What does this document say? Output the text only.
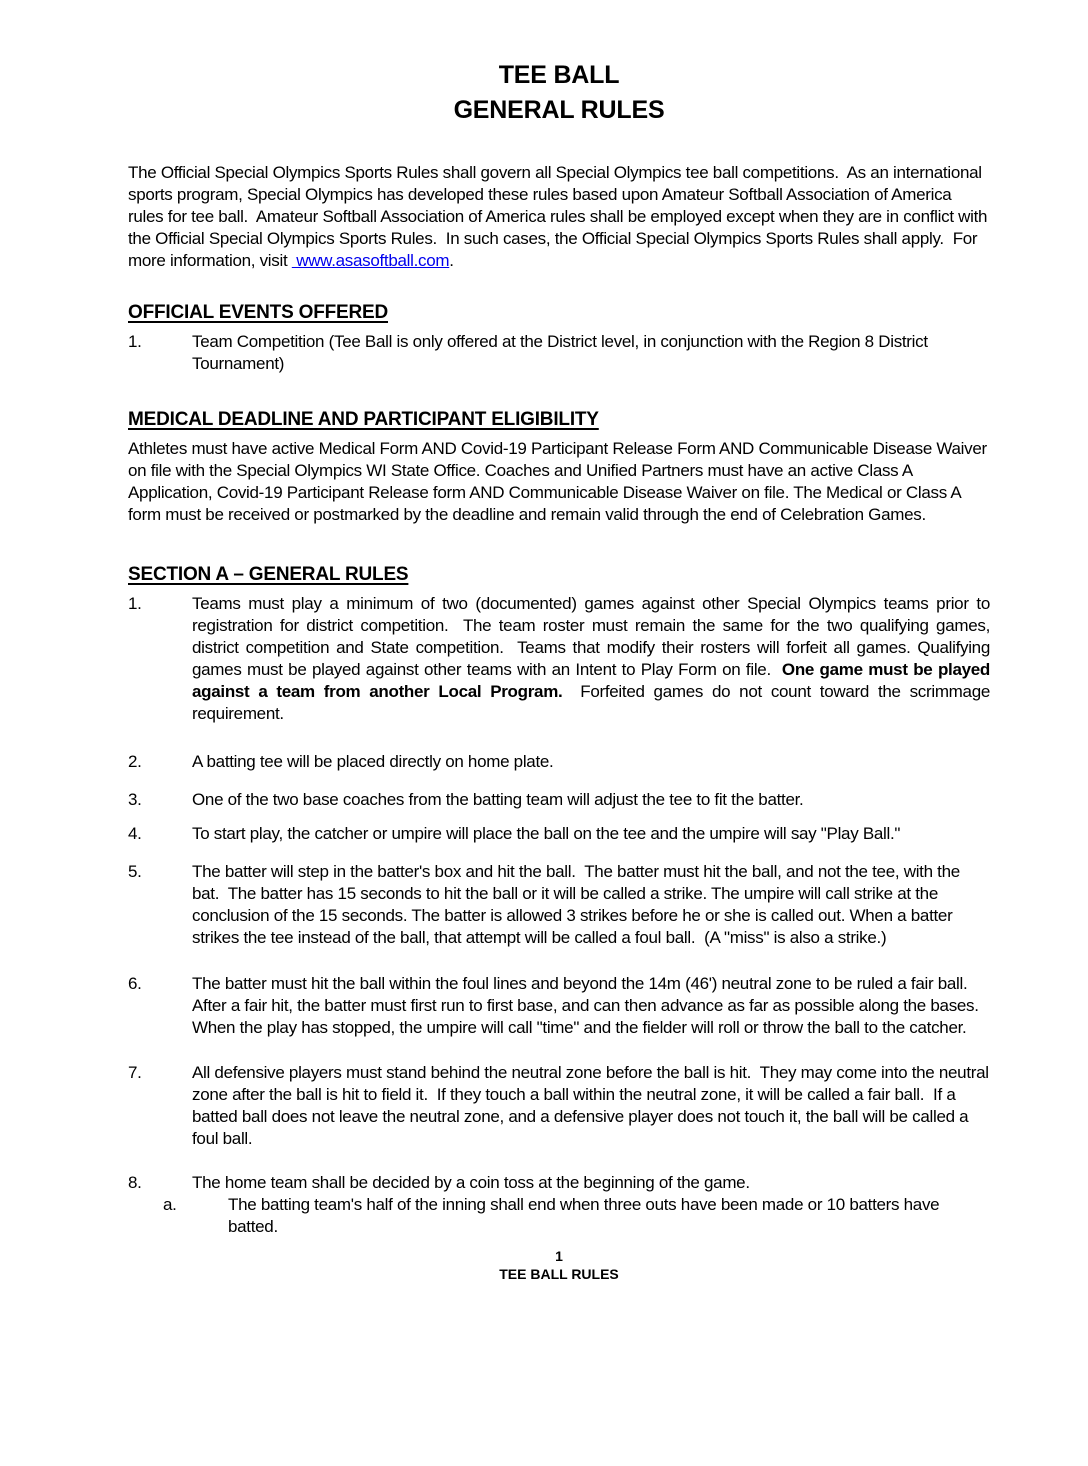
TEE BALL
GENERAL RULES

The Official Special Olympics Sports Rules shall govern all Special Olympics tee ball competitions.  As an international sports program, Special Olympics has developed these rules based upon Amateur Softball Association of America rules for tee ball.  Amateur Softball Association of America rules shall be employed except when they are in conflict with the Official Special Olympics Sports Rules.  In such cases, the Official Special Olympics Sports Rules shall apply.  For more information, visit  www.asasoftball.com.

OFFICIAL EVENTS OFFERED
1.	Team Competition (Tee Ball is only offered at the District level, in conjunction with the Region 8 District Tournament)

MEDICAL DEADLINE AND PARTICIPANT ELIGIBILITY

Athletes must have active Medical Form AND Covid-19 Participant Release Form AND Communicable Disease Waiver on file with the Special Olympics WI State Office. Coaches and Unified Partners must have an active Class A Application, Covid-19 Participant Release form AND Communicable Disease Waiver on file. The Medical or Class A form must be received or postmarked by the deadline and remain valid through the end of Celebration Games.

SECTION A – GENERAL RULES
1.	Teams must play a minimum of two (documented) games against other Special Olympics teams prior to registration for district competition.  The team roster must remain the same for the two qualifying games, district competition and State competition.  Teams that modify their rosters will forfeit all games. Qualifying games must be played against other teams with an Intent to Play Form on file.  One game must be played against a team from another Local Program.  Forfeited games do not count toward the scrimmage requirement.

2.	A batting tee will be placed directly on home plate.

3.	One of the two base coaches from the batting team will adjust the tee to fit the batter.

4.	To start play, the catcher or umpire will place the ball on the tee and the umpire will say "Play Ball."

5.	The batter will step in the batter's box and hit the ball.  The batter must hit the ball, and not the tee, with the bat.  The batter has 15 seconds to hit the ball or it will be called a strike. The umpire will call strike at the conclusion of the 15 seconds. The batter is allowed 3 strikes before he or she is called out. When a batter strikes the tee instead of the ball, that attempt will be called a foul ball.  (A "miss" is also a strike.)

6.	The batter must hit the ball within the foul lines and beyond the 14m (46') neutral zone to be ruled a fair ball.  After a fair hit, the batter must first run to first base, and can then advance as far as possible along the bases.  When the play has stopped, the umpire will call "time" and the fielder will roll or throw the ball to the catcher.

7.	All defensive players must stand behind the neutral zone before the ball is hit.  They may come into the neutral zone after the ball is hit to field it.  If they touch a ball within the neutral zone, it will be called a fair ball.  If a batted ball does not leave the neutral zone, and a defensive player does not touch it, the ball will be called a foul ball.

8.	The home team shall be decided by a coin toss at the beginning of the game.

a.	The batting team's half of the inning shall end when three outs have been made or 10 batters have batted.

1
TEE BALL RULES
